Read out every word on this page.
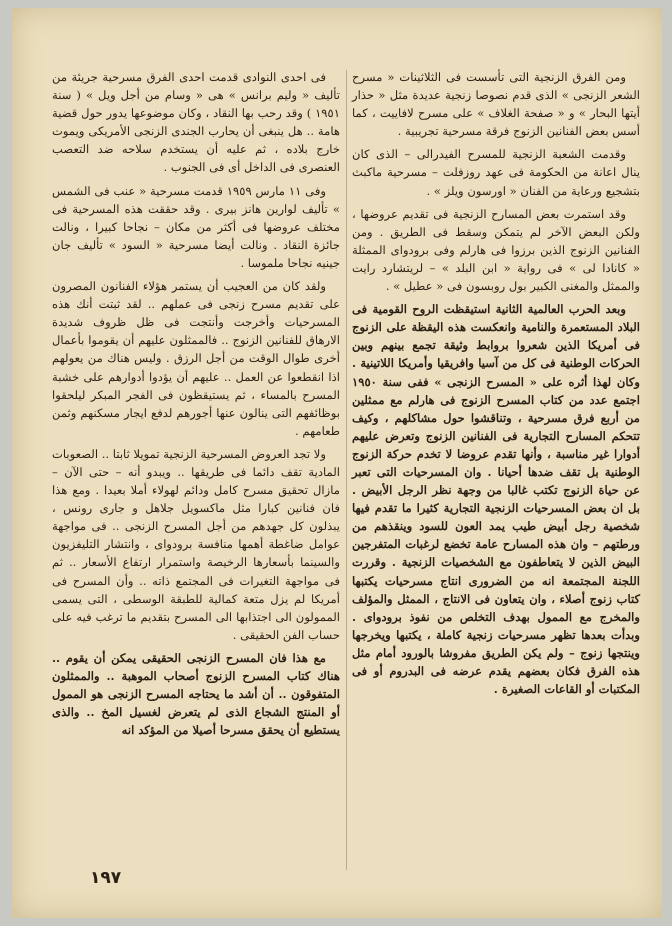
ومن الفرق الزنجية التى تأسست فى الثلاثينات « مسرح الشعر الزنجى » الذى قدم نصوصا زنجية عديدة مثل « حذار أيتها البحار » و « صفحة الغلاف » على مسرح لافاييت ، كما أسس بعض الفنانين الزنوج فرقة مسرحية تجريبية .

وقدمت الشعبة الزنجية للمسرح الفيدرالى – الذى كان ينال اعانة من الحكومة فى عهد روزفلت – مسرحية ماكبث بتشجيع ورعاية من الفنان « اورسون ويلز » .

وقد استمرت بعض المسارح الزنجية فى تقديم عروضها ، ولكن البعض الآخر لم يتمكن وسقط فى الطريق . ومن الفنانين الزنوج الذين برزوا فى هارلم وفى برودواى الممثلة « كانادا لى » فى رواية « ابن البلد » – لريتشارد رايت والممثل والمغنى الكبير بول روبسون فى « عطيل » .

وبعد الحرب العالمية الثانية استيقظت الروح القومية فى البلاد المستعمرة والنامية وانعكست هذه اليقظة على الزنوج فى أمريكا الذين شعروا بروابط وثيقة تجمع بينهم وبين الحركات الوطنية فى كل من آسيا وافريقيا وأمريكا اللاتينية . وكان لهذا أثره على « المسرح الزنجى » ففى سنة ١٩٥٠ اجتمع عدد من كتاب المسرح الزنوج فى هارلم مع ممثلين من أربع فرق مسرحية ، وتناقشوا حول مشاكلهم ، وكيف تتحكم المسارح التجارية فى الفنانين الزنوج وتعرض عليهم أدوارا غير مناسبة ، وأنها تقدم عروضا لا تخدم حركة الزنوج الوطنية بل تقف ضدها أحيانا . وان المسرحيات التى تعبر عن حياة الزنوج تكتب غالبا من وجهة نظر الرجل الأبيض . بل ان بعض المسرحيات الزنجية التجارية كثيرا ما تقدم فيها شخصية رجل أبيض طيب يمد العون للسود وينقذهم من ورطتهم – وان هذه المسارح عامة تخضع لرغبات المتفرجين البيض الذين لا يتعاطفون مع الشخصيات الزنجية . وقررت اللجنة المجتمعة انه من الضرورى انتاج مسرحيات يكتبها كتاب زنوج أصلاء ، وان يتعاون فى الانتاج ، الممثل والمؤلف والمخرج مع الممول بهدف التخلص من نفوذ برودواى . وبدأت بعدها تظهر مسرحيات زنجية كاملة ، يكتبها ويخرجها وينتجها زنوج – ولم يكن الطريق مفروشا بالورود أمام مثل هذه الفرق فكان بعضهم يقدم عرضه فى البدروم أو فى المكتبات أو القاعات الصغيرة .

فى احدى النوادى قدمت احدى الفرق مسرحية جريئة من تأليف « وليم برانس » هى « وسام من أجل ويل » ( سنة ١٩٥١ ) وقد رحب بها النقاد ، وكان موضوعها يدور حول قضية هامة .. هل ينبغى أن يحارب الجندى الزنجى الأمريكى ويموت خارج بلاده ، ثم عليه أن يستخدم سلاحه ضد التعصب العنصرى فى الداخل أى فى الجنوب .

وفى ١١ مارس ١٩٥٩ قدمت مسرحية « عنب فى الشمس » تأليف لوارين هانز بيرى . وقد حققت هذه المسرحية فى مختلف عروضها فى أكثر من مكان – نجاحا كبيرا ، ونالت جائزة النقاد . ونالت أيضا مسرحية « السود » تأليف جان جينيه نجاحا ملموسا .

ولقد كان من العجيب أن يستمر هؤلاء الفنانون المصرون على تقديم مسرح زنجى فى عملهم .. لقد ثبتت أنك هذه المسرحيات وأخرجت وأنتجت فى ظل ظروف شديدة الارهاق للفنانين الزنوج .. فالممثلون عليهم أن يقوموا بأعمال أخرى طوال الوقت من أجل الرزق . وليس هناك من يعولهم اذا انقطعوا عن العمل .. عليهم أن يؤدوا أدوارهم على خشبة المسرح بالمساء ، ثم يستيقظون فى الفجر المبكر ليلحقوا بوظائفهم التى ينالون عنها أجورهم لدفع ايجار مسكنهم وثمن طعامهم .

ولا تجد العروض المسرحية الزنجية تمويلا ثابتا .. الصعوبات المادية تقف دائما فى طريقها .. ويبدو أنه – حتى الآن – مازال تحقيق مسرح كامل ودائم لهولاء أملا بعيدا . ومع هذا فان فنانين كبارا مثل ماكسويل جلاهل و جارى رونس ، يبذلون كل جهدهم من أجل المسرح الزنجى .. فى مواجهة عوامل ضاغطة أهمها منافسة برودواى ، وانتشار التليفزيون والسينما بأسعارها الرخيصة واستمرار ارتفاع الأسعار .. ثم فى مواجهة التغيرات فى المجتمع ذاته .. وأن المسرح فى أمريكا لم يزل متعة كمالية للطبقة الوسطى ، التى يسمى الممولون الى اجتذابها الى المسرح بتقديم ما ترغب فيه على حساب الفن الحقيقى .

مع هذا فان المسرح الزنجى الحقيقى يمكن أن يقوم .. هناك كتاب المسرح الزنوج أصحاب الموهبة .. والممثلون المتفوقون .. أن أشد ما يحتاجه المسرح الزنجى هو الممول أو المنتج الشجاع الذى لم يتعرض لغسيل المخ .. والذى يستطيع أن يحقق مسرحا أصيلا من المؤكد انه

١٩٧
